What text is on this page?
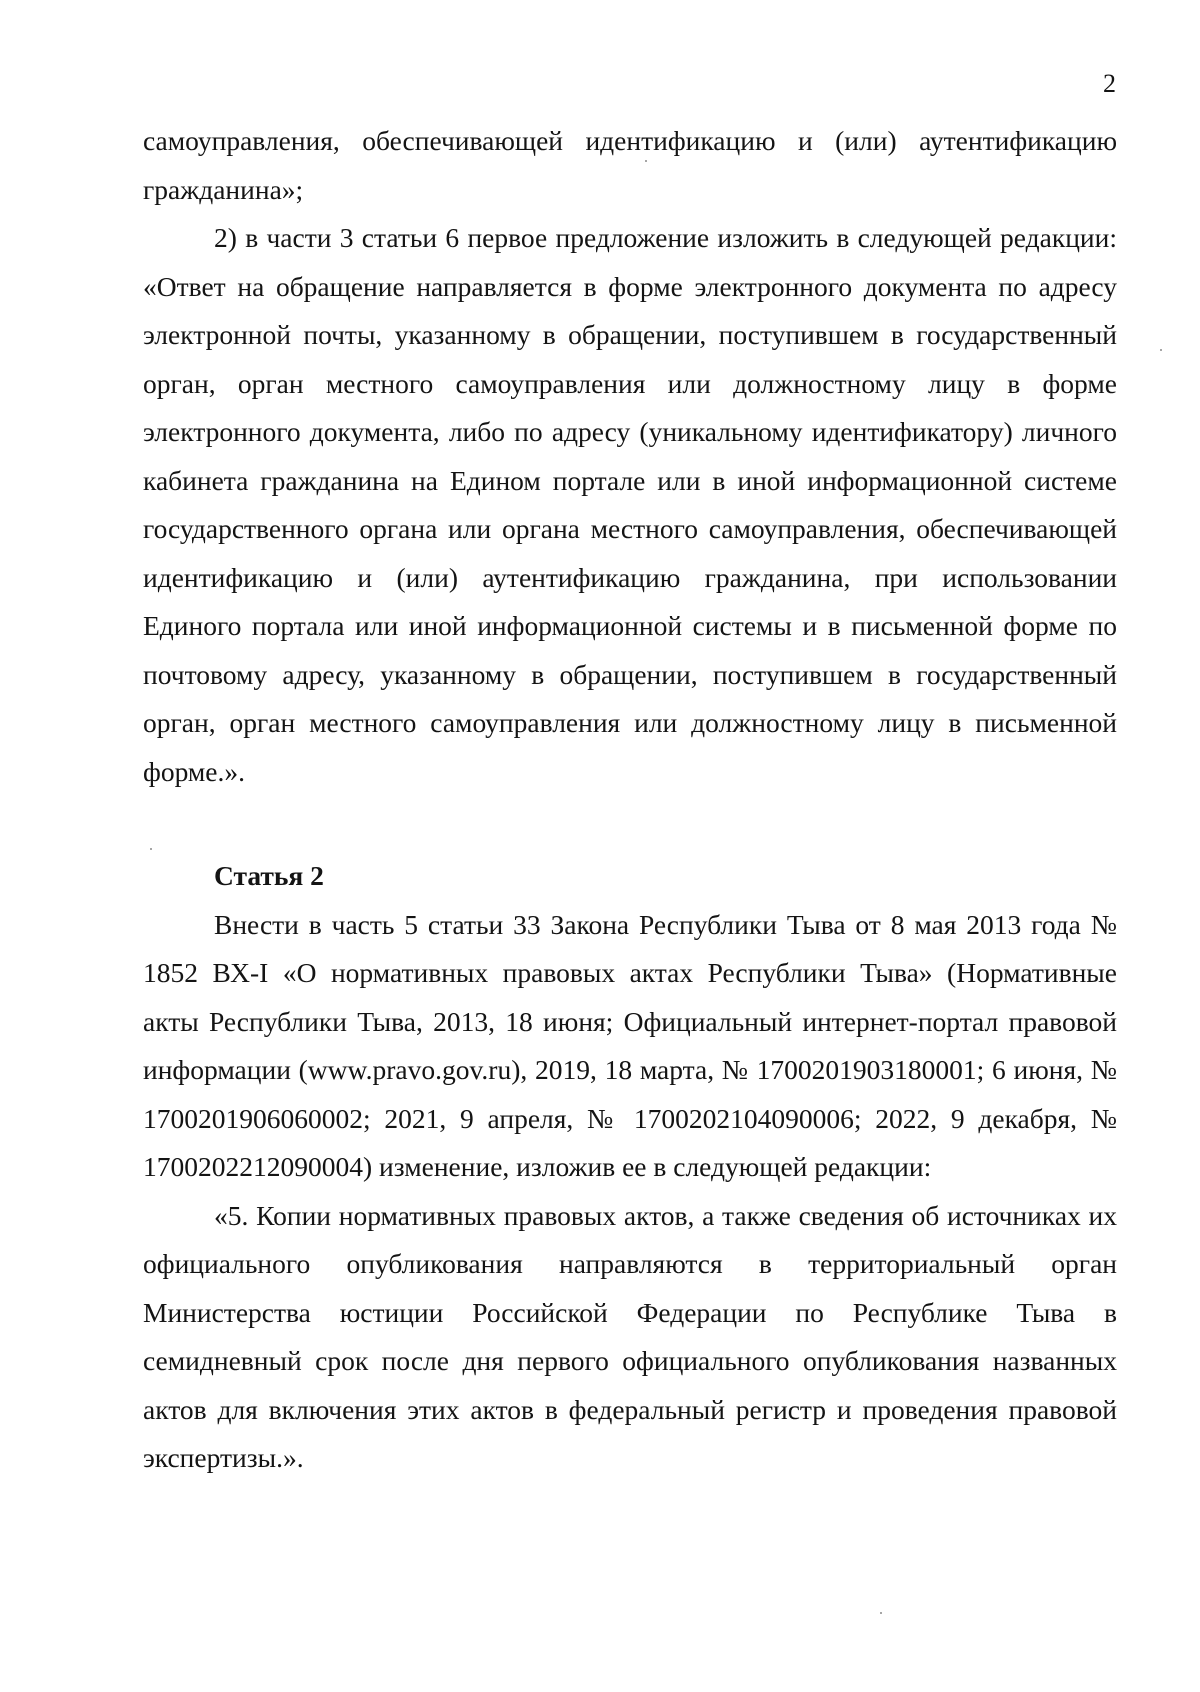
2

самоуправления, обеспечивающей идентификацию и (или) аутентификацию гражданина»;

2) в части 3 статьи 6 первое предложение изложить в следующей редакции: «Ответ на обращение направляется в форме электронного документа по адресу электронной почты, указанному в обращении, поступившем в государственный орган, орган местного самоуправления или должностному лицу в форме электронного документа, либо по адресу (уникальному идентификатору) личного кабинета гражданина на Едином портале или в иной информационной системе государственного органа или органа местного самоуправления, обеспечивающей идентификацию и (или) аутентификацию гражданина, при использовании Единого портала или иной информационной системы и в письменной форме по почтовому адресу, указанному в обращении, поступившем в государственный орган, орган местного самоуправления или должностному лицу в письменной форме.».

Статья 2

Внести в часть 5 статьи 33 Закона Республики Тыва от 8 мая 2013 года № 1852 ВХ-I «О нормативных правовых актах Республики Тыва» (Нормативные акты Республики Тыва, 2013, 18 июня; Официальный интернет-портал правовой информации (www.pravo.gov.ru), 2019, 18 марта, № 1700201903180001; 6 июня, № 1700201906060002; 2021, 9 апреля, № 1700202104090006; 2022, 9 декабря, № 1700202212090004) изменение, изложив ее в следующей редакции:

«5. Копии нормативных правовых актов, а также сведения об источниках их официального опубликования направляются в территориальный орган Министерства юстиции Российской Федерации по Республике Тыва в семидневный срок после дня первого официального опубликования названных актов для включения этих актов в федеральный регистр и проведения правовой экспертизы.».
